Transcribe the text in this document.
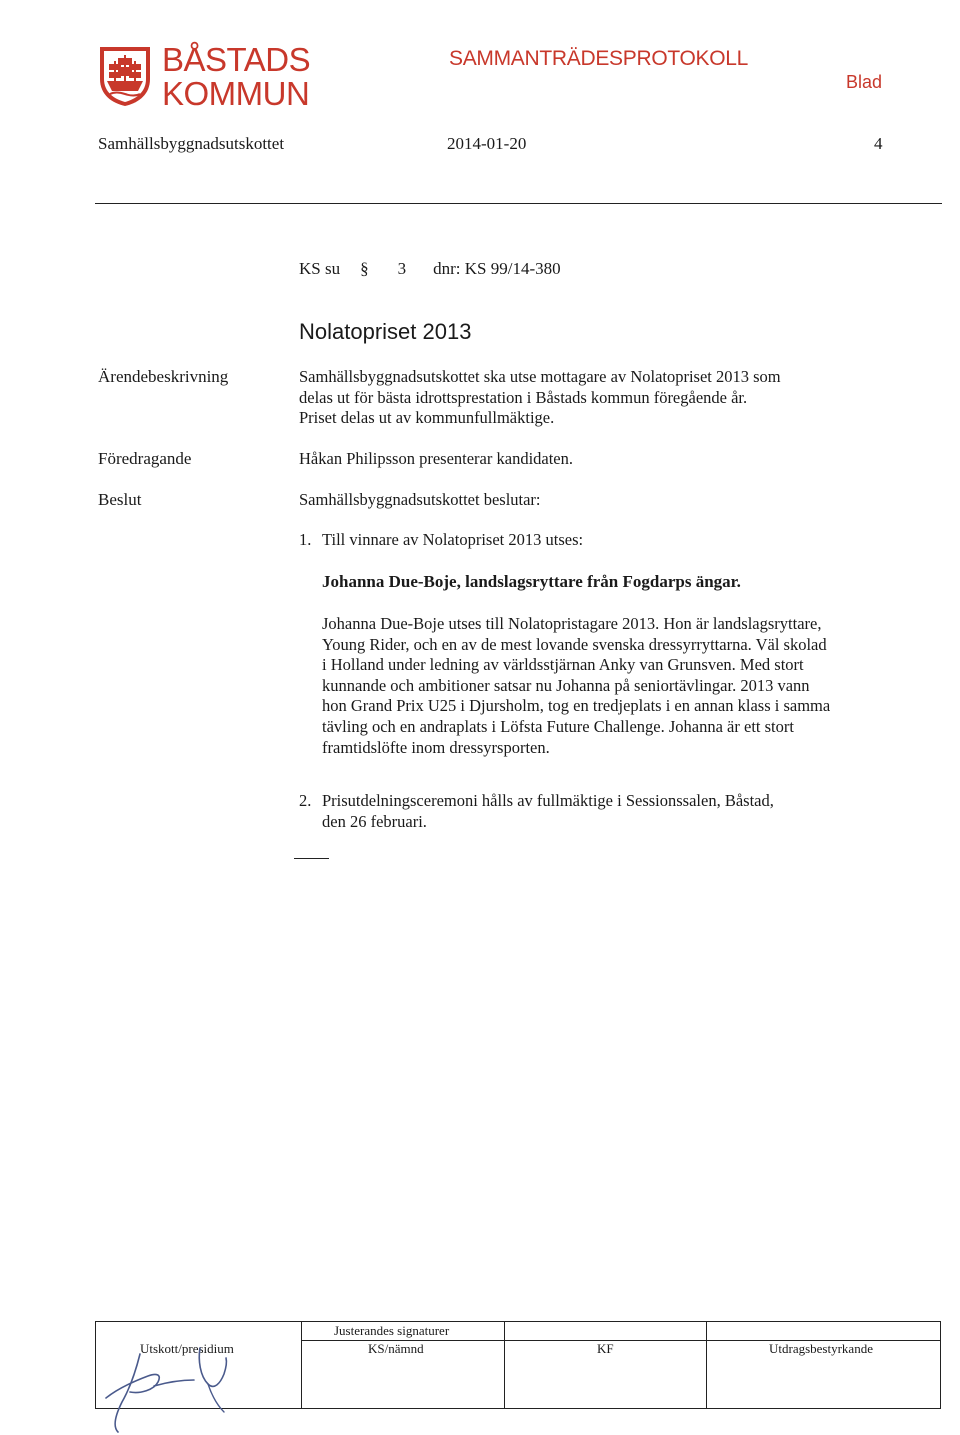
BÅSTADS
KOMMUN
SAMMANTRÄDESPROTOKOLL
Blad
Samhällsbyggnadsutskottet	2014-01-20	4
KS su § 3 dnr: KS 99/14-380
Nolatopriset 2013
Ärendebeskrivning	Samhällsbyggnadsutskottet ska utse mottagare av Nolatopriset 2013 som

delas ut för bästa idrottsprestation i Båstads kommun föregående år.

Priset delas ut av kommunfullmäktige.

Föredragande	Håkan Philipsson presenterar kandidaten.
Beslut	Samhällsbyggnadsutskottet beslutar:
1. Till vinnare av Nolatopriset 2013 utses:
Johanna Due-Boje, landslagsryttare från Fogdarps ängar.

Johanna Due-Boje utses till Nolatopristagare 2013. Hon är landslagsryttare,

Young Rider, och en av de mest lovande svenska dressyrryttarna. Väl skolad

i Holland under ledning av världsstjärnan Anky van Grunsven. Med stort

kunnande och ambitioner satsar nu Johanna på seniortävlingar. 2013 vann

hon Grand Prix U25 i Djursholm, tog en tredjeplats i en annan klass i samma

tävling och en andraplats i Löfsta Future Challenge. Johanna är ett stort

framtidslöfte inom dressyrsporten.

2. Prisutdelningsceremoni hålls av fullmäktige i Sessionssalen, Båstad,
den 26 februari.
Justerandes signaturer
Utskott/presidium	KS/nämnd	KF	Utdragsbestyrkande
